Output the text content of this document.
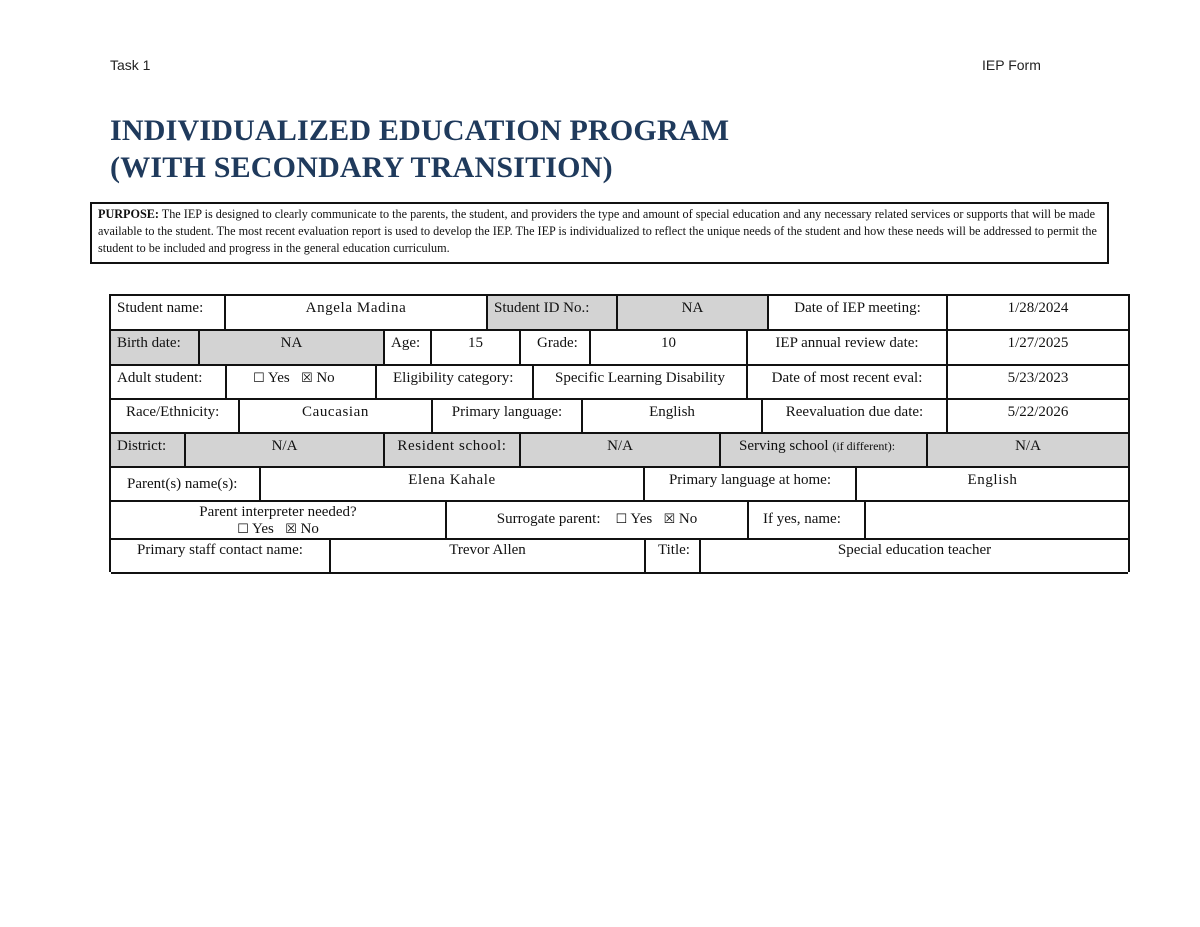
Task 1	IEP Form
INDIVIDUALIZED EDUCATION PROGRAM
(WITH SECONDARY TRANSITION)
PURPOSE: The IEP is designed to clearly communicate to the parents, the student, and providers the type and amount of special education and any necessary related services or supports that will be made available to the student. The most recent evaluation report is used to develop the IEP. The IEP is individualized to reflect the unique needs of the student and how these needs will be addressed to permit the student to be included and progress in the general education curriculum.
Student name:	Angela Madina	Student ID No.:	NA	Date of IEP meeting:	1/28/2024
Birth date:	NA	Age:	15	Grade:	10	IEP annual review date:	1/27/2025
Adult student:	☐ Yes ☒ No	Eligibility category:	Specific Learning Disability	Date of most recent eval:	5/23/2023
Race/Ethnicity:	Caucasian	Primary language:	English	Reevaluation due date:	5/22/2026
District:	N/A	Resident school:	N/A	Serving school (if different):	N/A
Parent(s) name(s):	Elena Kahale	Primary language at home:	English
Parent interpreter needed?
☐ Yes ☒ No
Surrogate parent: ☐ Yes ☒ No	If yes, name:
Primary staff contact name:	Trevor Allen	Title:	Special education teacher
